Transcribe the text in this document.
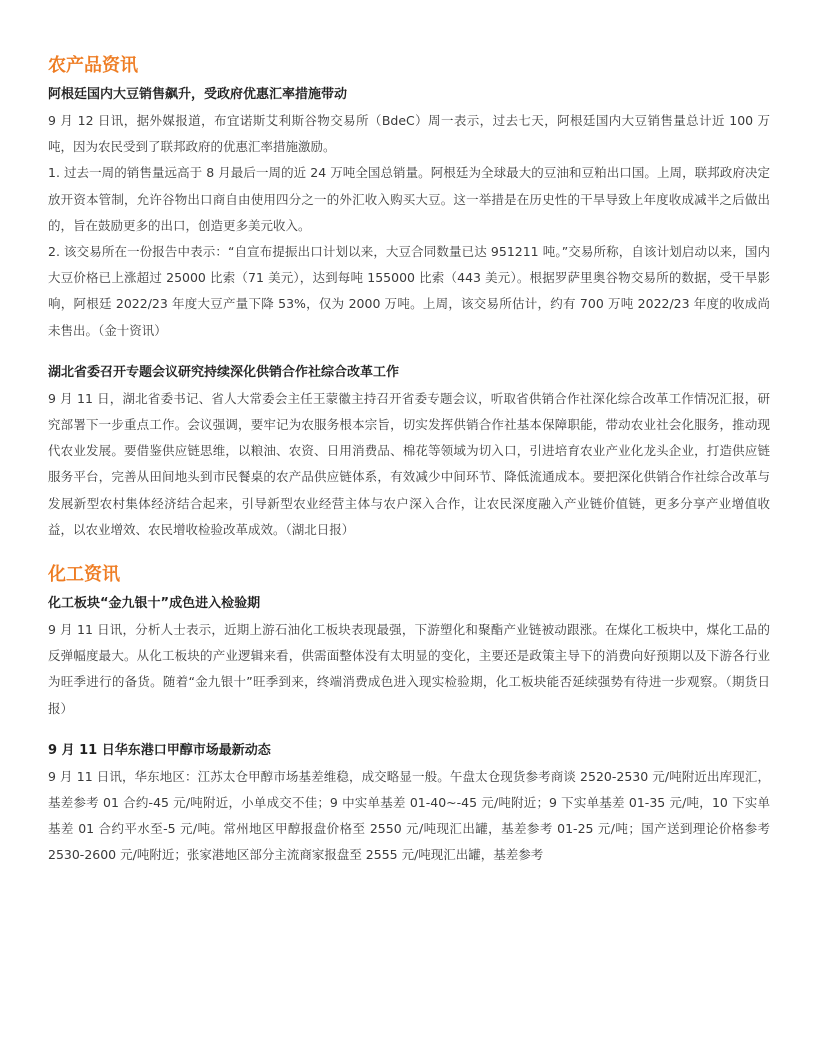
农产品资讯
阿根廷国内大豆销售飙升，受政府优惠汇率措施带动

9 月 12 日讯，据外媒报道，布宜诺斯艾利斯谷物交易所（BdeC）周一表示，过去七天，阿根廷国内大豆销售量总计近 100 万吨，因为农民受到了联邦政府的优惠汇率措施激励。

1. 过去一周的销售量远高于 8 月最后一周的近 24 万吨全国总销量。阿根廷为全球最大的豆油和豆粕出口国。上周，联邦政府决定放开资本管制，允许谷物出口商自由使用四分之一的外汇收入购买大豆。这一举措是在历史性的干旱导致上年度收成减半之后做出的，旨在鼓励更多的出口，创造更多美元收入。

2. 该交易所在一份报告中表示：“自宣布提振出口计划以来，大豆合同数量已达 951211 吨。”交易所称，自该计划启动以来，国内大豆价格已上涨超过 25000 比索（71 美元），达到每吨 155000 比索（443 美元）。根据罗萨里奥谷物交易所的数据，受干旱影响，阿根廷 2022/23 年度大豆产量下降 53%，仅为 2000 万吨。上周，该交易所估计，约有 700 万吨 2022/23 年度的收成尚未售出。（金十资讯）

湖北省委召开专题会议研究持续深化供销合作社综合改革工作

9 月 11 日，湖北省委书记、省人大常委会主任王蒙徽主持召开省委专题会议，听取省供销合作社深化综合改革工作情况汇报，研究部署下一步重点工作。会议强调，要牢记为农服务根本宗旨，切实发挥供销合作社基本保障职能，带动农业社会化服务，推动现代农业发展。要借鉴供应链思维，以粮油、农资、日用消费品、棉花等领域为切入口，引进培育农业产业化龙头企业，打造供应链服务平台，完善从田间地头到市民餐桌的农产品供应链体系，有效减少中间环节、降低流通成本。要把深化供销合作社综合改革与发展新型农村集体经济结合起来，引导新型农业经营主体与农户深入合作，让农民深度融入产业链价值链，更多分享产业增值收益，以农业增效、农民增收检验改革成效。（湖北日报）

化工资讯
化工板块“金九银十”成色进入检验期

9 月 11 日讯，分析人士表示，近期上游石油化工板块表现最强，下游塑化和聚酯产业链被动跟涨。在煤化工板块中，煤化工品的反弹幅度最大。从化工板块的产业逻辑来看，供需面整体没有太明显的变化，主要还是政策主导下的消费向好预期以及下游各行业为旺季进行的备货。随着“金九银十”旺季到来，终端消费成色进入现实检验期，化工板块能否延续强势有待进一步观察。（期货日报）

9 月 11 日华东港口甲醇市场最新动态

9 月 11 日讯，华东地区：江苏太仓甲醇市场基差维稳，成交略显一般。午盘太仓现货参考商谈 2520-2530 元/吨附近出库现汇，基差参考 01 合约-45 元/吨附近，小单成交不佳；9 中实单基差 01-40~-45 元/吨附近；9 下实单基差 01-35 元/吨，10 下实单基差 01 合约平水至-5 元/吨。常州地区甲醇报盘价格至 2550 元/吨现汇出罐，基差参考 01-25 元/吨；国产送到理论价格参考 2530-2600 元/吨附近；张家港地区部分主流商家报盘至 2555 元/吨现汇出罐，基差参考
